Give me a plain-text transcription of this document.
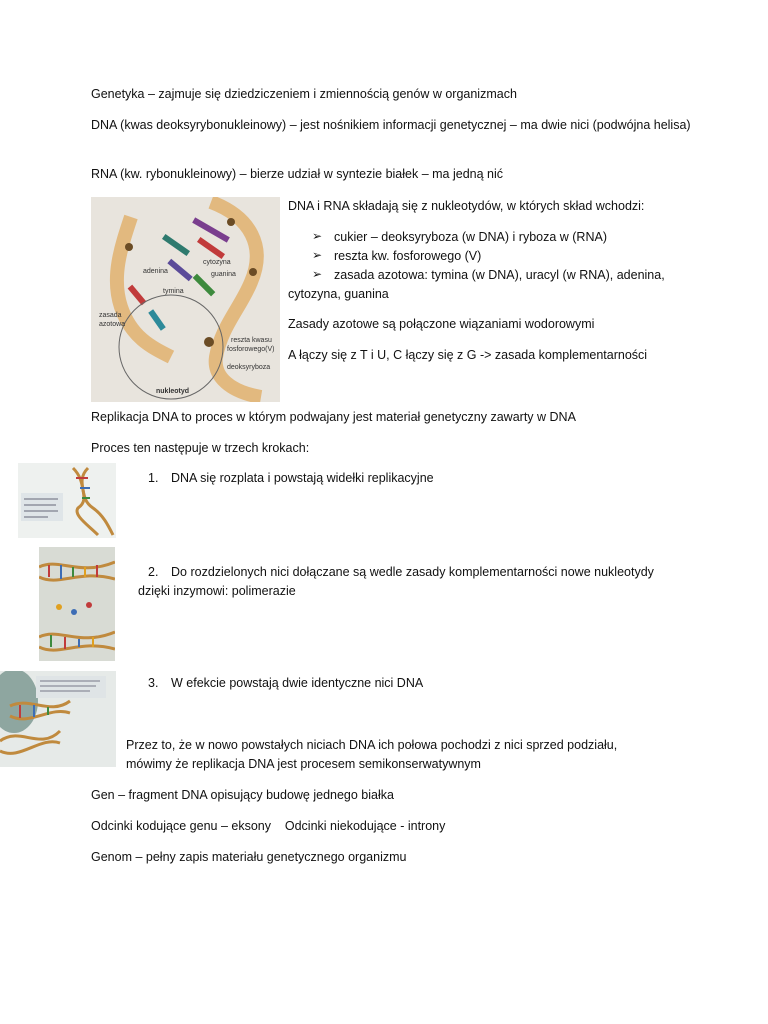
Genetyka – zajmuje się dziedziczeniem i zmiennością genów w organizmach
DNA (kwas deoksyrybonukleinowy) – jest nośnikiem informacji genetycznej – ma dwie nici (podwójna helisa)
RNA (kw. rybonukleinowy) – bierze udział w syntezie białek – ma jedną nić
cytozyna
guanina
adenina
tymina
zasada
azotowa
reszta kwasu
fosforowego(V)
deoksyryboza
nukleotyd
DNA i RNA składają się z nukleotydów, w których skład wchodzi:
➢ cukier – deoksyryboza (w DNA) i ryboza w (RNA)
➢ reszta kw. fosforowego (V)
➢ zasada azotowa: tymina (w DNA), uracyl (w RNA), adenina,
cytozyna, guanina
Zasady azotowe są połączone wiązaniami wodorowymi
A łączy się z T i U, C łączy się z G -> zasada komplementarności
Replikacja DNA to proces w którym podwajany jest materiał genetyczny zawarty w DNA
Proces ten następuje w trzech krokach:
1. DNA się rozplata i powstają widełki replikacyjne
2. Do rozdzielonych nici dołączane są wedle zasady komplementarności nowe nukleotydy
dzięki inzymowi: polimerazie
3. W efekcie powstają dwie identyczne nici DNA
Przez to, że w nowo powstałych niciach DNA ich połowa pochodzi z nici sprzed podziału,
mówimy że replikacja DNA jest procesem semikonserwatywnym
Gen – fragment DNA opisujący budowę jednego białka
Odcinki kodujące genu – eksony    Odcinki niekodujące - introny
Genom – pełny zapis materiału genetycznego organizmu
